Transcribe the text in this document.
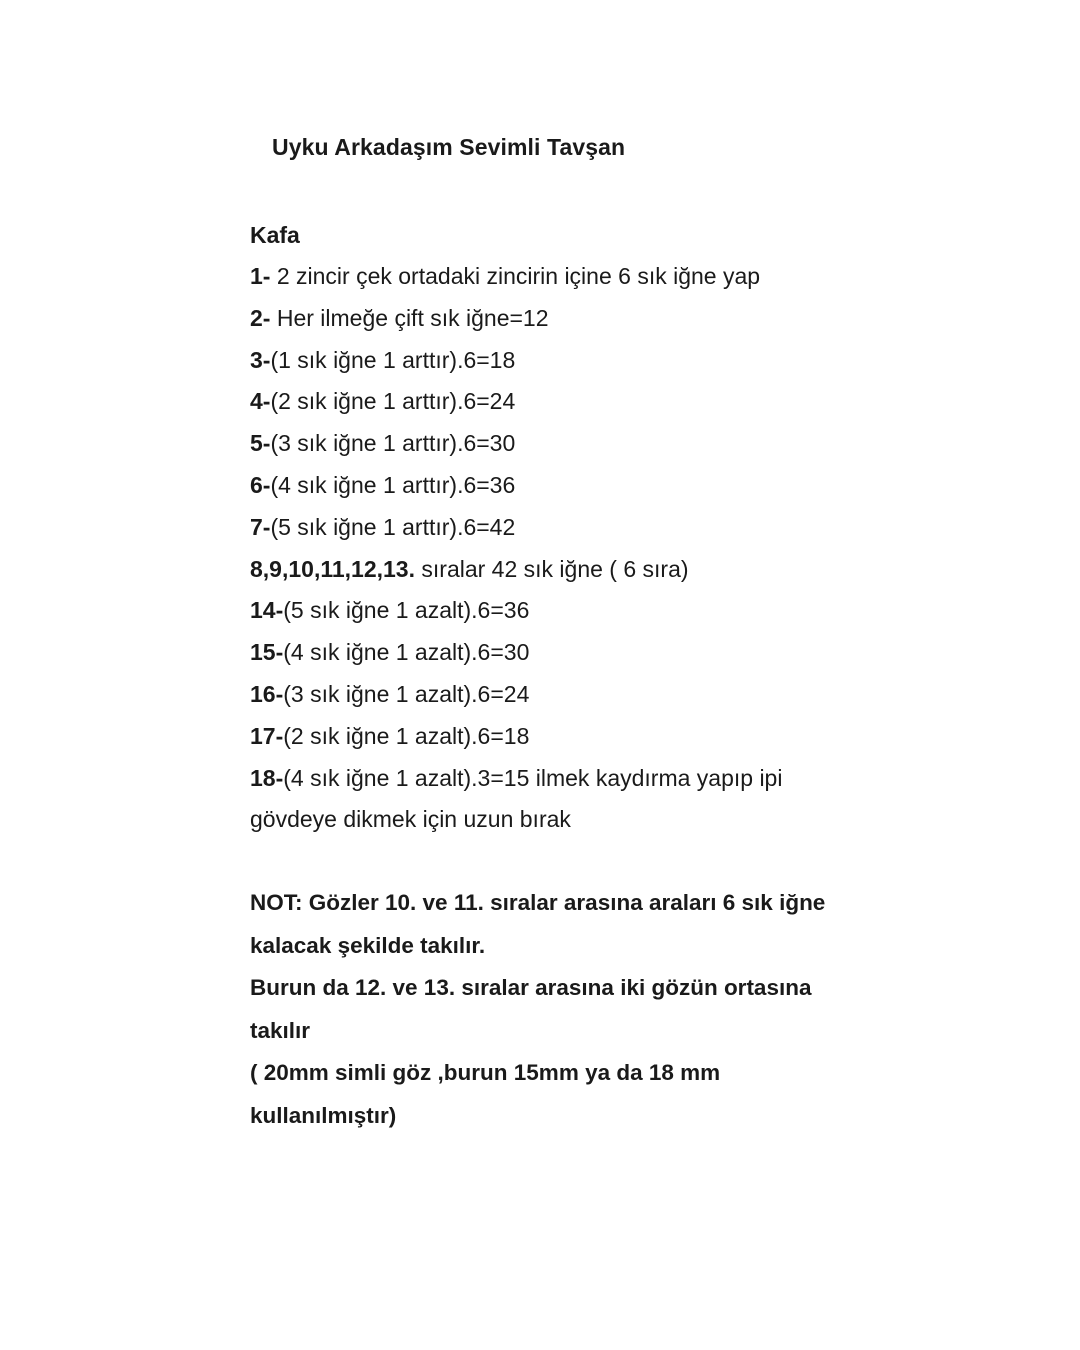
Uyku Arkadaşım Sevimli Tavşan
Kafa
1- 2 zincir çek ortadaki zincirin içine 6 sık iğne yap
2- Her ilmeğe çift sık iğne=12
3-(1 sık iğne 1 arttır).6=18
4-(2 sık iğne 1 arttır).6=24
5-(3 sık iğne 1 arttır).6=30
6-(4 sık iğne 1 arttır).6=36
7-(5 sık iğne 1 arttır).6=42
8,9,10,11,12,13. sıralar 42 sık iğne ( 6 sıra)
14-(5 sık iğne 1 azalt).6=36
15-(4 sık iğne 1 azalt).6=30
16-(3 sık iğne 1 azalt).6=24
17-(2 sık iğne 1 azalt).6=18
18-(4 sık iğne 1 azalt).3=15 ilmek kaydırma yapıp ipi
gövdeye dikmek için uzun bırak
NOT: Gözler 10. ve 11. sıralar arasına araları 6 sık iğne
kalacak şekilde takılır.
Burun da 12. ve 13. sıralar arasına iki gözün ortasına
takılır
( 20mm simli göz ,burun 15mm ya da 18 mm
kullanılmıştır)
